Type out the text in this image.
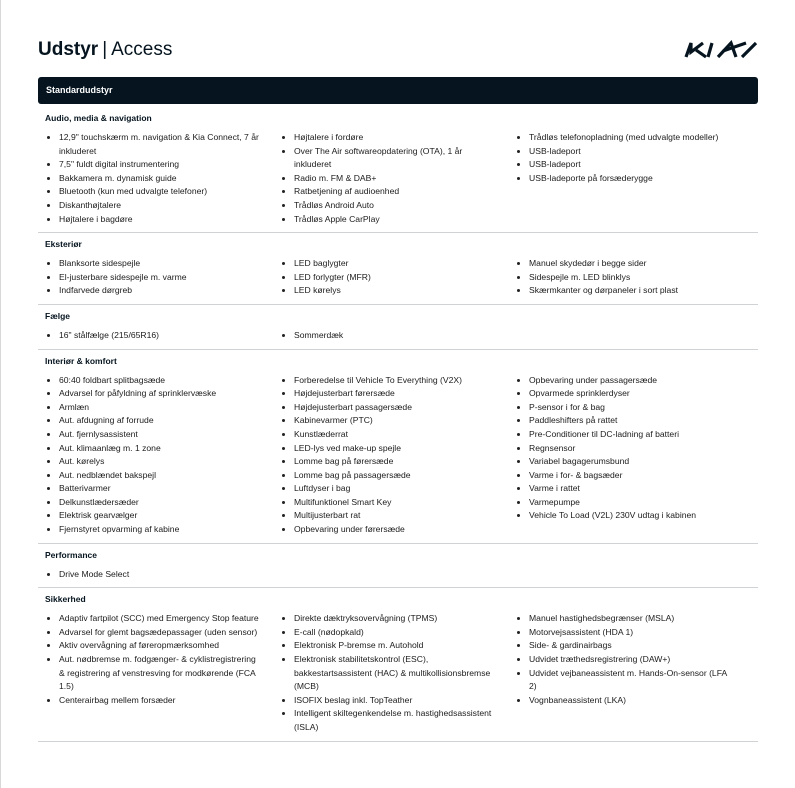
Udstyr | Access
Standardudstyr
Audio, media & navigation
12,9" touchskærm m. navigation & Kia Connect, 7 år inkluderet
7,5" fuldt digital instrumentering
Bakkamera m. dynamisk guide
Bluetooth (kun med udvalgte telefoner)
Diskanthøjtalere
Højtalere i bagdøre
Højtalere i fordøre
Over The Air softwareopdatering (OTA), 1 år inkluderet
Radio m. FM & DAB+
Ratbetjening af audioenhed
Trådløs Android Auto
Trådløs Apple CarPlay
Trådløs telefonopladning (med udvalgte modeller)
USB-ladeport
USB-ladeport
USB-ladeporte på forsæderygge
Eksteriør
Blanksorte sidespejle
El-justerbare sidespejle m. varme
Indfarvede dørgreb
LED baglygter
LED forlygter (MFR)
LED kørelys
Manuel skydedør i begge sider
Sidespejle m. LED blinklys
Skærmkanter og dørpaneler i sort plast
Fælge
16" stålfælge (215/65R16)	Sommerdæk
Interiør & komfort
60:40 foldbart splitbagsæde
Advarsel for påfyldning af sprinklervæske
Armlæn
Aut. afdugning af forrude
Aut. fjernlysassistent
Aut. klimaanlæg m. 1 zone
Aut. kørelys
Aut. nedblændet bakspejl
Batterivarmer
Delkunstlædersæder
Elektrisk gearvælger
Fjernstyret opvarming af kabine
Forberedelse til Vehicle To Everything (V2X)
Højdejusterbart førersæde
Højdejusterbart passagersæde
Kabinevarmer (PTC)
Kunstlæderrat
LED-lys ved make-up spejle
Lomme bag på førersæde
Lomme bag på passagersæde
Luftdyser i bag
Multifunktionel Smart Key
Multijusterbart rat
Opbevaring under førersæde
Opbevaring under passagersæde
Opvarmede sprinklerdyser
P-sensor i for & bag
Paddleshifters på rattet
Pre-Conditioner til DC-ladning af batteri
Regnsensor
Variabel bagagerumsbund
Varme i for- & bagsæder
Varme i rattet
Varmepumpe
Vehicle To Load (V2L) 230V udtag i kabinen
Performance
Drive Mode Select
Sikkerhed
Adaptiv fartpilot (SCC) med Emergency Stop feature
Advarsel for glemt bagsædepassager (uden sensor)
Aktiv overvågning af føreropmærksomhed
Aut. nødbremse m. fodgænger- & cyklistregistrering & registrering af venstresving for modkørende (FCA 1.5)
Centerairbag mellem forsæder
Direkte dæktryksovervågning (TPMS)
E-call (nødopkald)
Elektronisk P-bremse m. Autohold
Elektronisk stabilitetskontrol (ESC), bakkestartsassistent (HAC) & multikollisionsbremse (MCB)
ISOFIX beslag inkl. TopTeather
Intelligent skiltegenkendelse m. hastighedsassistent (ISLA)
Manuel hastighedsbegrænser (MSLA)
Motorvejsassistent (HDA 1)
Side- & gardinairbags
Udvidet træthedsregistrering (DAW+)
Udvidet vejbaneassistent m. Hands-On-sensor (LFA 2)
Vognbaneassistent (LKA)
